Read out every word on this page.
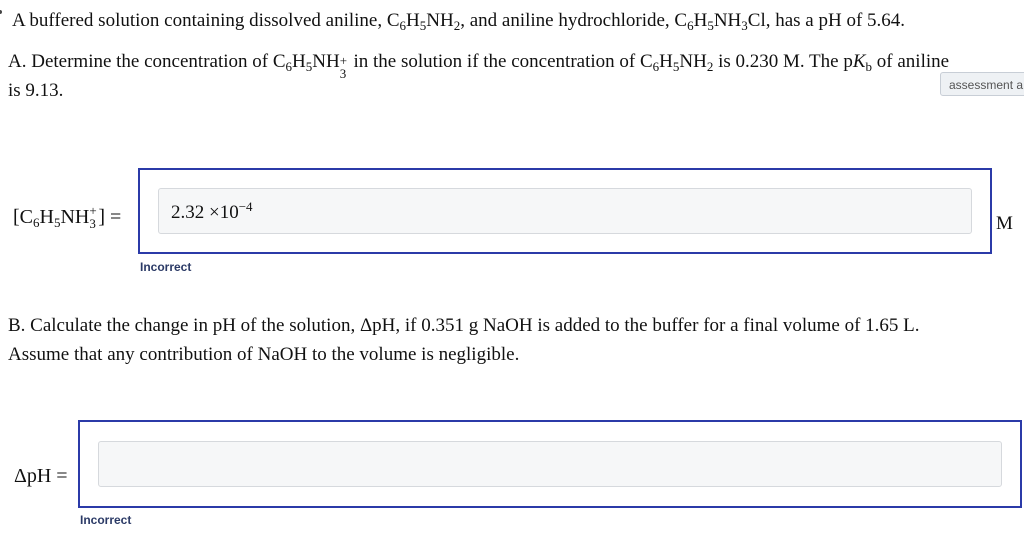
A buffered solution containing dissolved aniline, $C_6H_5NH_2$, and aniline hydrochloride, $C_6H_5NH_3Cl$, has a pH of 5.64.
A. Determine the concentration of $C_6H_5NH$ +
3
in the solution if the concentration of $C_6H_5NH_2$ is 0.230 M. The $pK_b$ of aniline
is 9.13.	assessment a
[$C_6H_5NH$ +
3 ] =	$2.32 \times 10^{-4}$
M
Incorrect
B. Calculate the change in pH of the solution, ΔpH, if 0.351 g NaOH is added to the buffer for a final volume of 1.65 L.
Assume that any contribution of NaOH to the volume is negligible.
ΔpH =
Incorrect
